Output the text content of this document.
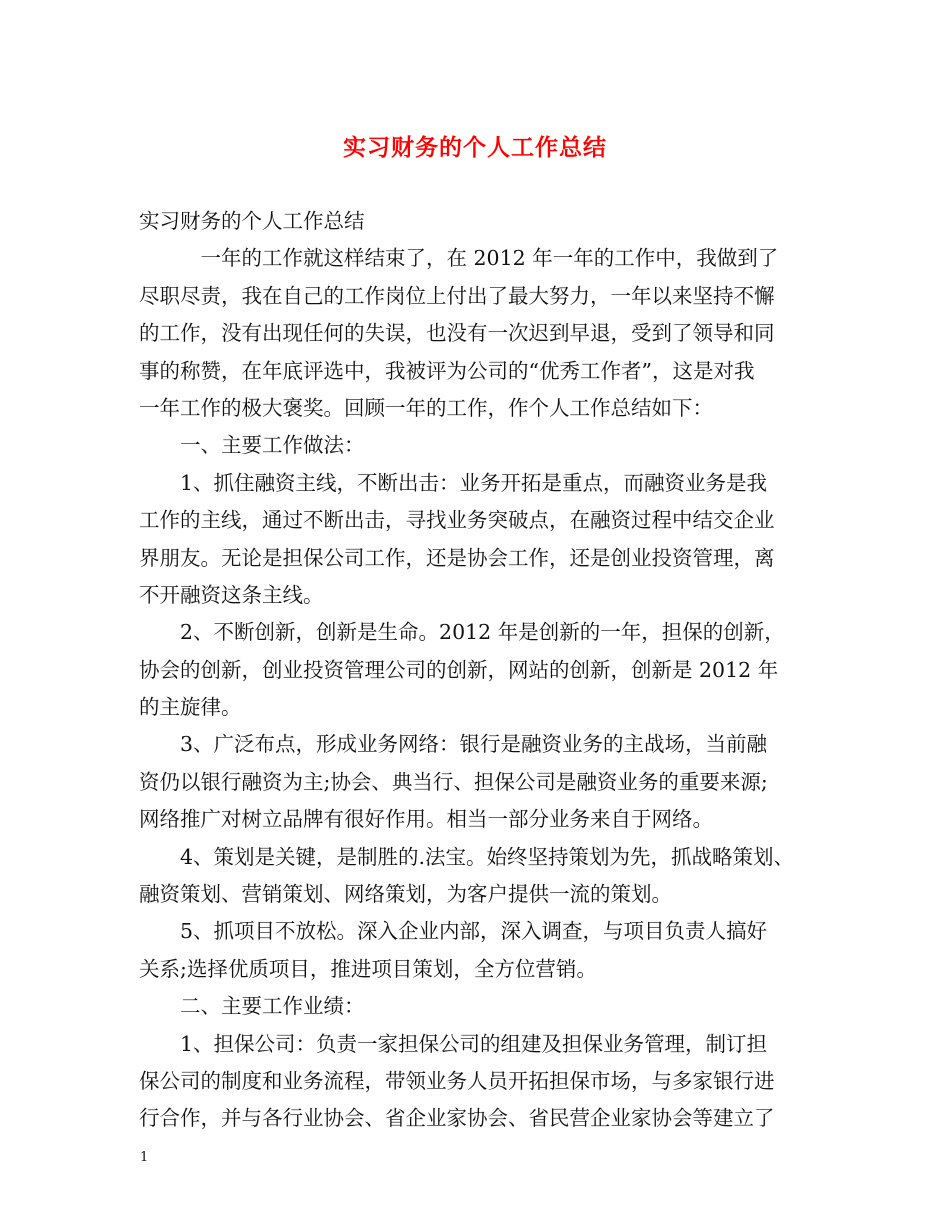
实习财务的个人工作总结
实习财务的个人工作总结
　　　一年的工作就这样结束了，在 2012 年一年的工作中，我做到了
尽职尽责，我在自己的工作岗位上付出了最大努力，一年以来坚持不懈
的工作，没有出现任何的失误，也没有一次迟到早退，受到了领导和同
事的称赞，在年底评选中，我被评为公司的“优秀工作者”，这是对我
一年工作的极大褒奖。回顾一年的工作，作个人工作总结如下：
　　一、主要工作做法：
　　1、抓住融资主线，不断出击：业务开拓是重点，而融资业务是我
工作的主线，通过不断出击，寻找业务突破点，在融资过程中结交企业
界朋友。无论是担保公司工作，还是协会工作，还是创业投资管理，离
不开融资这条主线。
　　2、不断创新，创新是生命。2012 年是创新的一年，担保的创新，
协会的创新，创业投资管理公司的创新，网站的创新，创新是 2012 年
的主旋律。
　　3、广泛布点，形成业务网络：银行是融资业务的主战场，当前融
资仍以银行融资为主;协会、典当行、担保公司是融资业务的重要来源;
网络推广对树立品牌有很好作用。相当一部分业务来自于网络。
　　4、策划是关键，是制胜的.法宝。始终坚持策划为先，抓战略策划、
融资策划、营销策划、网络策划，为客户提供一流的策划。
　　5、抓项目不放松。深入企业内部，深入调查，与项目负责人搞好
关系;选择优质项目，推进项目策划，全方位营销。
　　二、主要工作业绩：
　　1、担保公司：负责一家担保公司的组建及担保业务管理，制订担
保公司的制度和业务流程，带领业务人员开拓担保市场，与多家银行进
行合作，并与各行业协会、省企业家协会、省民营企业家协会等建立了
1
